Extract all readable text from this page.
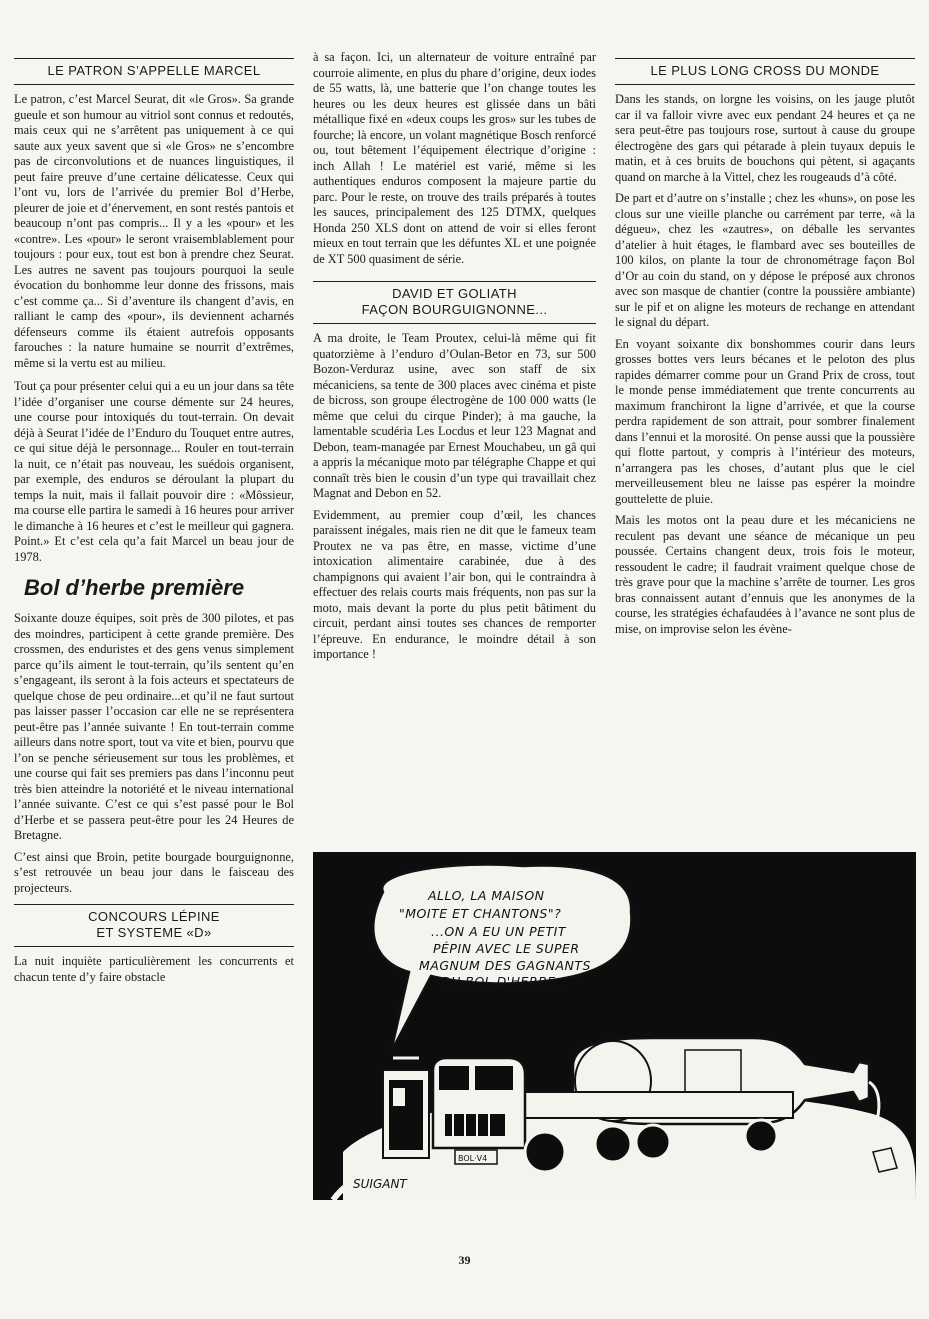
LE PATRON S’APPELLE MARCEL

Le patron, c’est Marcel Seurat, dit «le Gros». Sa grande gueule et son humour au vitriol sont connus et redoutés, mais ceux qui ne s’arrêtent pas uniquement à ce qui saute aux yeux savent que si «le Gros» ne s’encombre pas de circonvolutions et de nuances linguistiques, il peut faire preuve d’une certaine délicatesse. Ceux qui l’ont vu, lors de l’arrivée du premier Bol d’Herbe, pleurer de joie et d’énervement, en sont restés pantois et beaucoup n’ont pas compris... Il y a les «pour» et les «contre». Les «pour» le seront vraisemblablement pour toujours : pour eux, tout est bon à prendre chez Seurat. Les autres ne savent pas toujours pourquoi la seule évocation du bonhomme leur donne des frissons, mais c’est comme ça... Si d’aventure ils changent d’avis, en ralliant le camp des «pour», ils deviennent acharnés défenseurs comme ils étaient autrefois opposants farouches : la nature humaine se nourrit d’extrêmes, même si la vertu est au milieu.

Tout ça pour présenter celui qui a eu un jour dans sa tête l’idée d’organiser une course démente sur 24 heures, une course pour intoxiqués du tout-terrain. On devait déjà à Seurat l’idée de l’Enduro du Touquet entre autres, ce qui situe déjà le personnage... Rouler en tout-terrain la nuit, ce n’était pas nouveau, les suédois organisent, par exemple, des enduros se déroulant la plupart du temps la nuit, mais il fallait pouvoir dire : «Môssieur, ma course elle partira le samedi à 16 heures pour arriver le dimanche à 16 heures et c’est le meilleur qui gagnera. Point.» Et c’est cela qu’a fait Marcel un beau jour de 1978.

Bol d’herbe première

Soixante douze équipes, soit près de 300 pilotes, et pas des moindres, participent à cette grande première. Des crossmen, des enduristes et des gens venus simplement parce qu’ils aiment le tout-terrain, qu’ils sentent qu’en s’engageant, ils seront à la fois acteurs et spectateurs de quelque chose de peu ordinaire...et qu’il ne faut surtout pas laisser passer l’occasion car elle ne se représentera peut-être pas l’année suivante ! En tout-terrain comme ailleurs dans notre sport, tout va vite et bien, pourvu que l’on se penche sérieusement sur tous les problèmes, et une course qui fait ses premiers pas dans l’inconnu peut très bien atteindre la notoriété et le niveau international l’année suivante. C’est ce qui s’est passé pour le Bol d’Herbe et se passera peut-être pour les 24 Heures de Bretagne.

C’est ainsi que Broin, petite bourgade bourguignonne, s’est retrouvée un beau jour dans le faisceau des projecteurs.

CONCOURS LÉPINE
ET SYSTEME «D»

La nuit inquiète particulièrement les concurrents et chacun tente d’y faire obstacle

à sa façon. Ici, un alternateur de voiture entraîné par courroie alimente, en plus du phare d’origine, deux iodes de 55 watts, là, une batterie que l’on change toutes les heures ou les deux heures est glissée dans un bâti métallique fixé en «deux coups les gros» sur les tubes de fourche; là encore, un volant magnétique Bosch renforcé ou, tout bêtement l’équipement électrique d’origine : inch Allah ! Le matériel est varié, même si les authentiques enduros composent la majeure partie du parc. Pour le reste, on trouve des trails préparés à toutes les sauces, principalement des 125 DTMX, quelques Honda 250 XLS dont on attend de voir si elles feront mieux en tout terrain que les défuntes XL et une poignée de XT 500 quasiment de série.

DAVID ET GOLIATH
FAÇON BOURGUIGNONNE...

A ma droite, le Team Proutex, celui-là même qui fit quatorzième à l’enduro d’Oulan-Betor en 73, sur 500 Bozon-Verduraz usine, avec son staff de six mécaniciens, sa tente de 300 places avec cinéma et piste de bicross, son groupe électrogène de 100 000 watts (le même que celui du cirque Pinder); à ma gauche, la lamentable scudéria Les Locdus et leur 123 Magnat and Debon, team-managée par Ernest Mouchabeu, un gâ qui a appris la mécanique moto par télégraphe Chappe et qui connaît très bien le cousin d’un type qui travaillait chez Magnat and Debon en 52.

Evidemment, au premier coup d’œil, les chances paraissent inégales, mais rien ne dit que le fameux team Proutex ne va pas être, en masse, victime d’une intoxication alimentaire carabinée, due à des champignons qui avaient l’air bon, qui le contraindra à effectuer des relais courts mais fréquents, non pas sur la moto, mais devant la porte du plus petit bâtiment du circuit, perdant ainsi toutes ses chances de remporter l’épreuve. En endurance, le moindre détail à son importance !

LE PLUS LONG CROSS DU MONDE

Dans les stands, on lorgne les voisins, on les jauge plutôt car il va falloir vivre avec eux pendant 24 heures et ça ne sera peut-être pas toujours rose, surtout à cause du groupe électrogène des gars qui pétarade à plein tuyaux depuis le matin, et à ces bruits de bouchons qui pètent, si agaçants quand on marche à la Vittel, chez les rougeauds d’à côté.

De part et d’autre on s’installe ; chez les «huns», on pose les clous sur une vieille planche ou carrément par terre, «à la dégueu», chez les «zautres», on déballe les servantes d’atelier à huit étages, le flambard avec ses bouteilles de 100 kilos, on plante la tour de chronométrage façon Bol d’Or au coin du stand, on y dépose le préposé aux chronos avec son masque de chantier (contre la poussière ambiante) sur le pif et on aligne les moteurs de rechange en attendant le signal du départ.

En voyant soixante dix bonshommes courir dans leurs grosses bottes vers leurs bécanes et le peloton des plus rapides démarrer comme pour un Grand Prix de cross, tout le monde pense immédiatement que trente concurrents au maximum franchiront la ligne d’arrivée, et que la course perdra rapidement de son attrait, pour sombrer finalement dans l’ennui et la morosité. On pense aussi que la poussière qui flotte partout, y compris à l’intérieur des moteurs, n’arrangera pas les choses, d’autant plus que le ciel merveilleusement bleu ne laisse pas espérer la moindre gouttelette de pluie.

Mais les motos ont la peau dure et les mécaniciens ne reculent pas devant une séance de mécanique un peu poussée. Certains changent deux, trois fois le moteur, ressoudent le cadre; il faudrait vraiment quelque chose de très grave pour que la machine s’arrête de tourner. Les gros bras connaissent autant d’ennuis que les anonymes de la course, les stratégies échafaudées à l’avance ne sont plus de mise, on improvise selon les évène-

ALLO, LA MAISON
"MOITE ET CHANTONS"?
...ON A EU UN PETIT
PÉPIN AVEC LE SUPER
MAGNUM DES GAGNANTS
DU BOL D'HERBE...
BOL·V4
SUIGANT
39
